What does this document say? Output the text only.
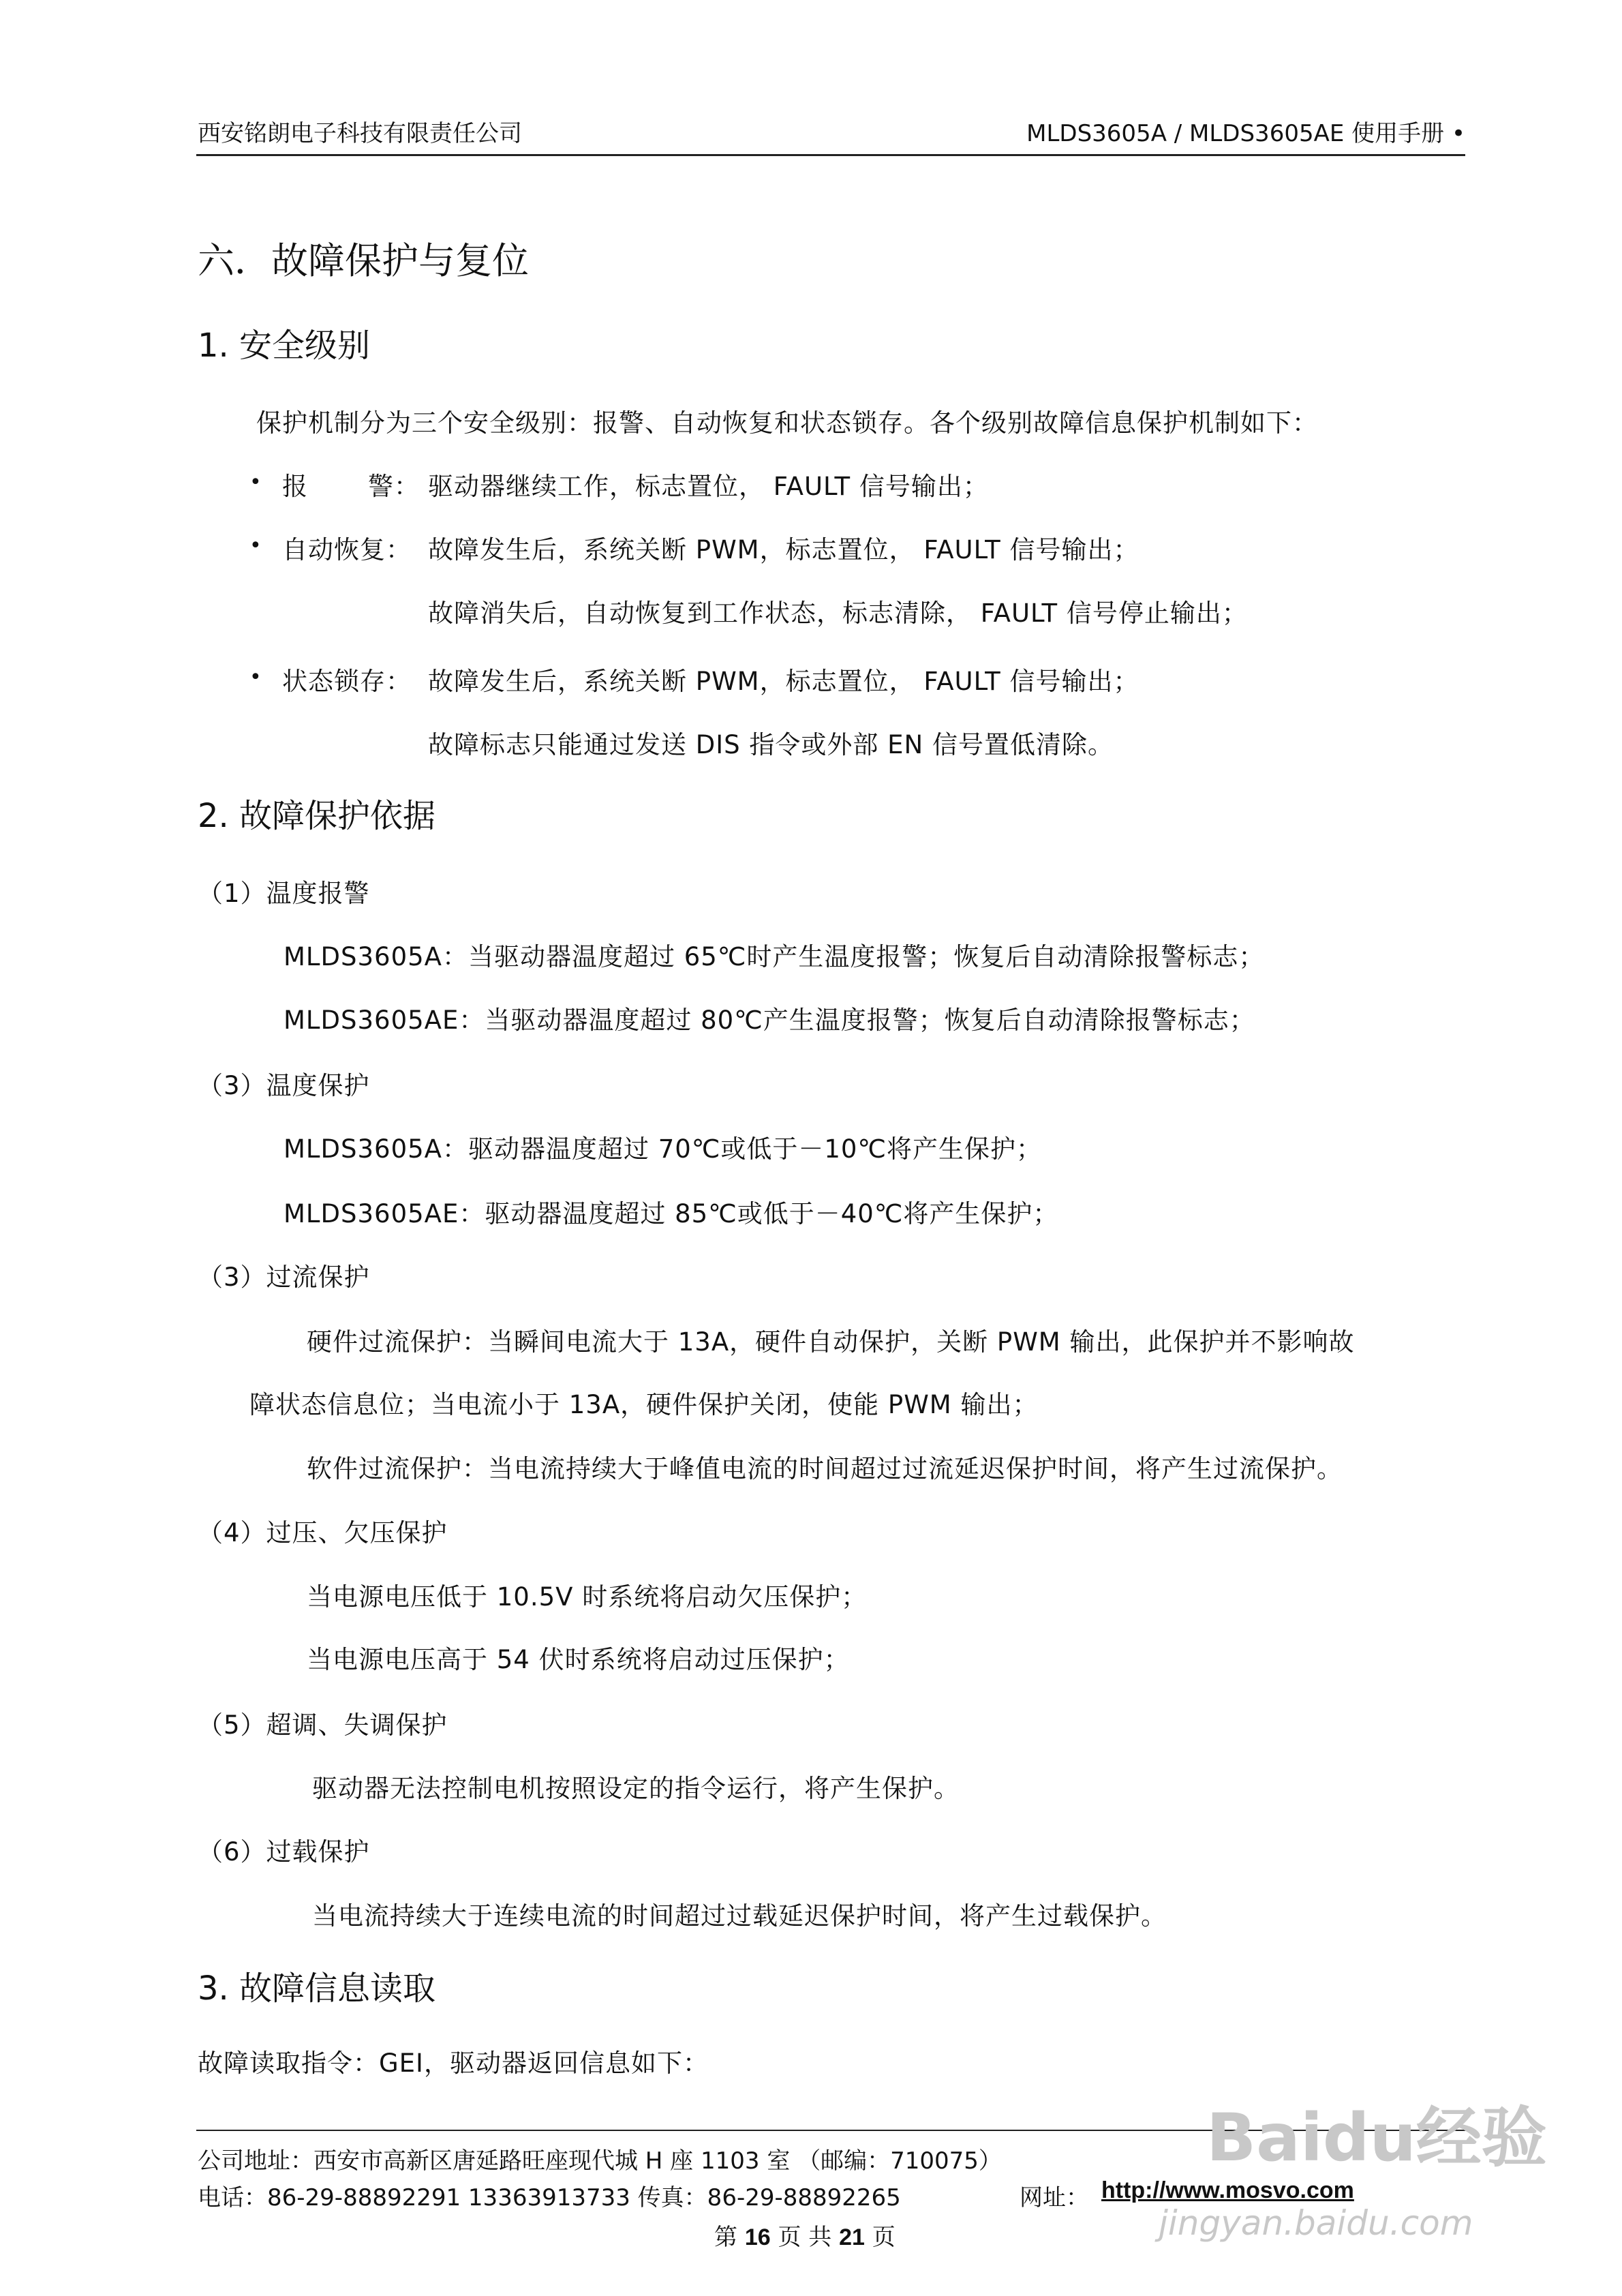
西安铭朗电子科技有限责任公司	MLDS3605A / MLDS3605AE 使用手册 •
六．故障保护与复位
1. 安全级别
保护机制分为三个安全级别：报警、自动恢复和状态锁存。各个级别故障信息保护机制如下：
• 报 警： 驱动器继续工作，标志置位， FAULT 信号输出；
• 自动恢复： 故障发生后，系统关断 PWM，标志置位， FAULT 信号输出；
故障消失后，自动恢复到工作状态，标志清除， FAULT 信号停止输出；
• 状态锁存： 故障发生后，系统关断 PWM，标志置位， FAULT 信号输出；
故障标志只能通过发送 DIS 指令或外部 EN 信号置低清除。
2. 故障保护依据
（1）温度报警
MLDS3605A：当驱动器温度超过 65℃时产生温度报警；恢复后自动清除报警标志；
MLDS3605AE：当驱动器温度超过 80℃产生温度报警；恢复后自动清除报警标志；
（3）温度保护
MLDS3605A：驱动器温度超过 70℃或低于－10℃将产生保护；
MLDS3605AE：驱动器温度超过 85℃或低于－40℃将产生保护；
（3）过流保护
硬件过流保护：当瞬间电流大于 13A，硬件自动保护，关断 PWM 输出，此保护并不影响故
障状态信息位；当电流小于 13A，硬件保护关闭，使能 PWM 输出；
软件过流保护：当电流持续大于峰值电流的时间超过过流延迟保护时间，将产生过流保护。
（4）过压、欠压保护
当电源电压低于 10.5V 时系统将启动欠压保护；
当电源电压高于 54 伏时系统将启动过压保护；
（5）超调、失调保护
驱动器无法控制电机按照设定的指令运行，将产生保护。
（6）过载保护
当电流持续大于连续电流的时间超过过载延迟保护时间，将产生过载保护。
3. 故障信息读取
故障读取指令：GEI，驱动器返回信息如下：
公司地址：西安市高新区唐延路旺座现代城 H 座 1103 室 （邮编：710075）
电话：86-29-88892291 13363913733 传真：86-29-88892265	网址： http://www.mosvo.com
第 16 页 共 21 页
Baidu经验
jingyan.baidu.com
